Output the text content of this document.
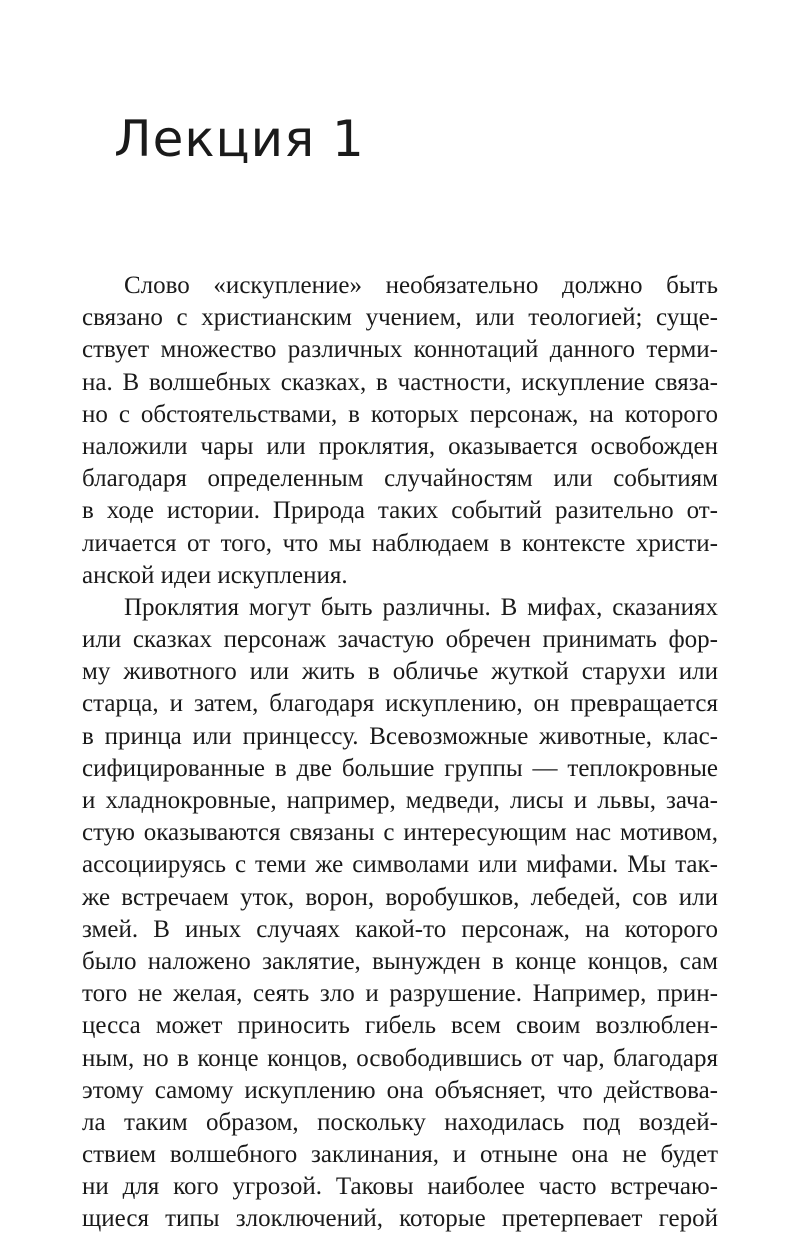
Лекция 1
Слово «искупление» необязательно должно быть
связано с христианским учением, или теологией; суще-
ствует множество различных коннотаций данного терми-
на. В волшебных сказках, в частности, искупление связа-
но с обстоятельствами, в которых персонаж, на которого
наложили чары или проклятия, оказывается освобожден
благодаря определенным случайностям или событиям
в ходе истории. Природа таких событий разительно от-
личается от того, что мы наблюдаем в контексте христи-
анской идеи искупления.
Проклятия могут быть различны. В мифах, сказаниях
или сказках персонаж зачастую обречен принимать фор-
му животного или жить в обличье жуткой старухи или
старца, и затем, благодаря искуплению, он превращается
в принца или принцессу. Всевозможные животные, клас-
сифицированные в две большие группы — теплокровные
и хладнокровные, например, медведи, лисы и львы, зача-
стую оказываются связаны с интересующим нас мотивом,
ассоциируясь с теми же символами или мифами. Мы так-
же встречаем уток, ворон, воробушков, лебедей, сов или
змей. В иных случаях какой-то персонаж, на которого
было наложено заклятие, вынужден в конце концов, сам
того не желая, сеять зло и разрушение. Например, прин-
цесса может приносить гибель всем своим возлюблен-
ным, но в конце концов, освободившись от чар, благодаря
этому самому искуплению она объясняет, что действова-
ла таким образом, поскольку находилась под воздей-
ствием волшебного заклинания, и отныне она не будет
ни для кого угрозой. Таковы наиболее часто встречаю-
щиеся типы злоключений, которые претерпевает герой
